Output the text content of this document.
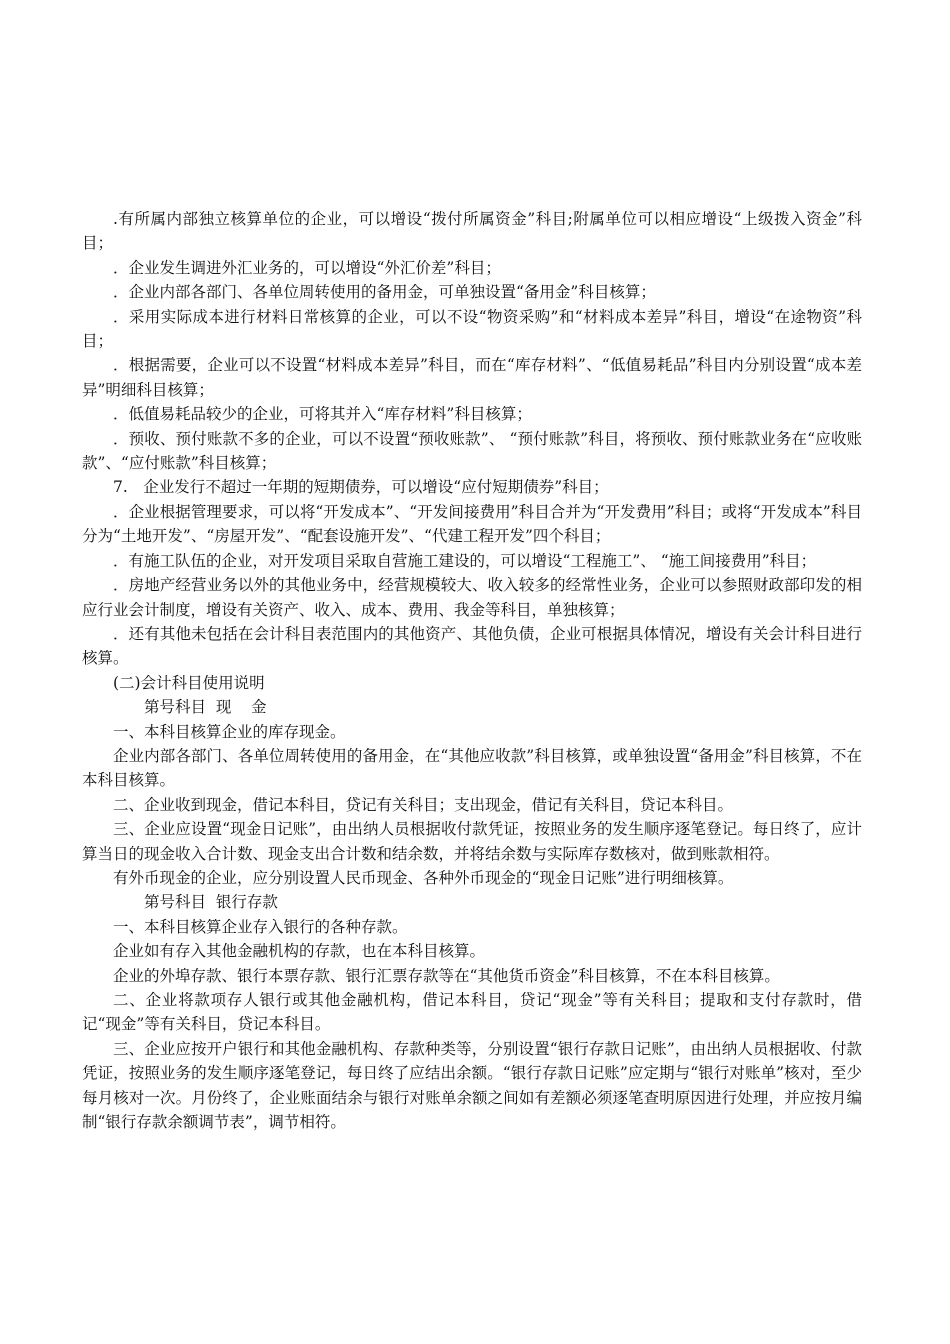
.有所属内部独立核算单位的企业，可以增设“拨付所属资金”科目;附属单位可以相应增设“上级拨入资金”科目；

．企业发生调进外汇业务的，可以增设“外汇价差”科目；

．企业内部各部门、各单位周转使用的备用金，可单独设置“备用金”科目核算；

．采用实际成本进行材料日常核算的企业，可以不设“物资采购”和“材料成本差异”科目，增设“在途物资”科目；

．根据需要，企业可以不设置“材料成本差异”科目，而在“库存材料”、“低值易耗品”科目内分别设置“成本差异”明细科目核算；

．低值易耗品较少的企业，可将其并入“库存材料”科目核算；

．预收、预付账款不多的企业，可以不设置“预收账款”、 “预付账款”科目，将预收、预付账款业务在“应收账款”、“应付账款”科目核算；

7.　企业发行不超过一年期的短期债券，可以增设“应付短期债券”科目；

．企业根据管理要求，可以将“开发成本”、“开发间接费用”科目合并为“开发费用”科目；或将“开发成本”科目分为“土地开发”、“房屋开发”、“配套设施开发”、“代建工程开发”四个科目；

．有施工队伍的企业，对开发项目采取自营施工建设的，可以增设“工程施工”、 “施工间接费用”科目；

．房地产经营业务以外的其他业务中，经营规模较大、收入较多的经常性业务，企业可以参照财政部印发的相应行业会计制度，增设有关资产、收入、成本、费用、我金等科目，单独核算；

．还有其他未包括在会计科目表范围内的其他资产、其他负债，企业可根据具体情况，增设有关会计科目进行核算。

(二)会计科目使用说明

第号科目  现    金

一、本科目核算企业的库存现金。

企业内部各部门、各单位周转使用的备用金，在“其他应收款”科目核算，或单独设置“备用金”科目核算，不在本科目核算。

二、企业收到现金，借记本科目，贷记有关科目；支出现金，借记有关科目，贷记本科目。

三、企业应设置“现金日记账”，由出纳人员根据收付款凭证，按照业务的发生顺序逐笔登记。每日终了，应计算当日的现金收入合计数、现金支出合计数和结余数，并将结余数与实际库存数核对，做到账款相符。

有外币现金的企业，应分别设置人民币现金、各种外币现金的“现金日记账”进行明细核算。

第号科目  银行存款

一、本科目核算企业存入银行的各种存款。

企业如有存入其他金融机构的存款，也在本科目核算。

企业的外埠存款、银行本票存款、银行汇票存款等在“其他货币资金”科目核算，不在本科目核算。

二、企业将款项存人银行或其他金融机构，借记本科目，贷记“现金”等有关科目；提取和支付存款时，借记“现金”等有关科目，贷记本科目。

三、企业应按开户银行和其他金融机构、存款种类等，分别设置“银行存款日记账”，由出纳人员根据收、付款凭证，按照业务的发生顺序逐笔登记，每日终了应结出余额。“银行存款日记账”应定期与“银行对账单”核对，至少每月核对一次。月份终了，企业账面结余与银行对账单余额之间如有差额必须逐笔查明原因进行处理，并应按月编制“银行存款余额调节表”，调节相符。
